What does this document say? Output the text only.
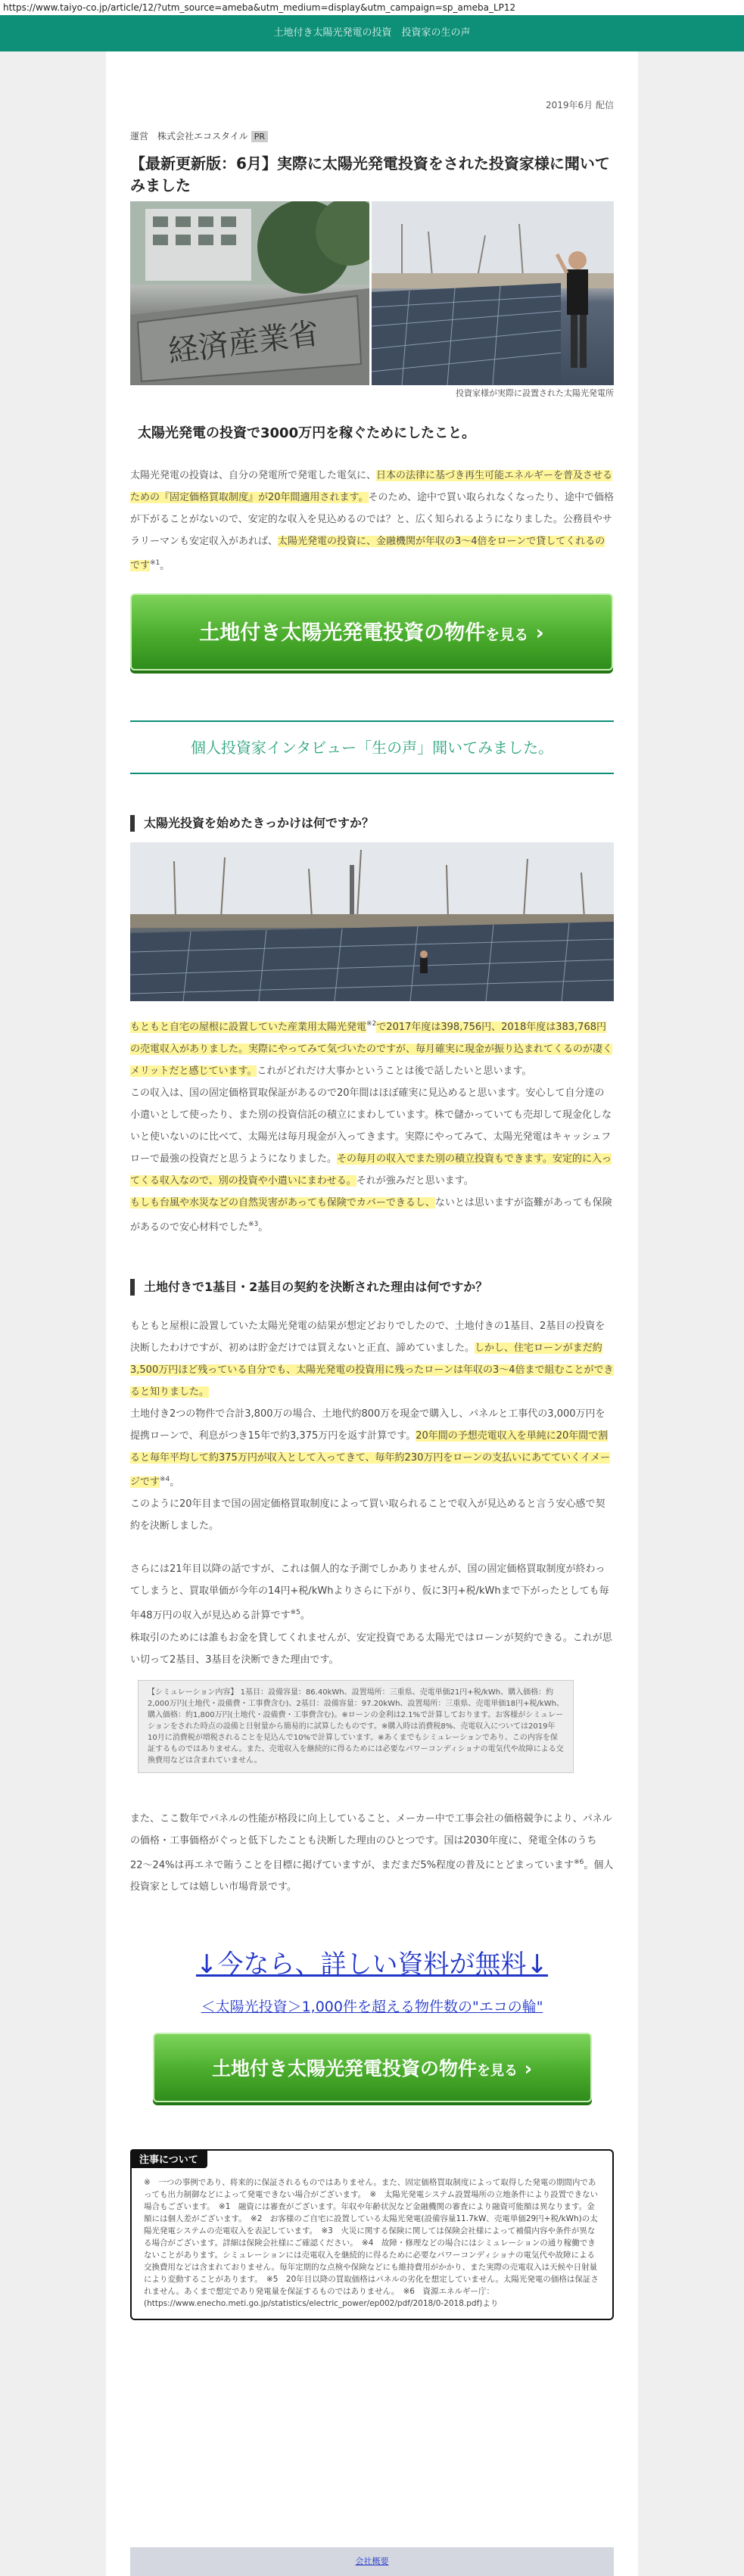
https://www.taiyo-co.jp/article/12/?utm_source=ameba&utm_medium=display&utm_campaign=sp_ameba_LP12
土地付き太陽光発電の投資　投資家の生の声
2019年6月 配信
運営　株式会社エコスタイル PR
【最新更新版：6月】実際に太陽光発電投資をされた投資家様に聞いてみました
経済産業省
投資家様が実際に設置された太陽光発電所
太陽光発電の投資で3000万円を稼ぐためにしたこと。

太陽光発電の投資は、自分の発電所で発電した電気に、日本の法律に基づき再生可能エネルギーを普及させるための『固定価格買取制度』が20年間適用されます。そのため、途中で買い取られなくなったり、途中で価格が下がることがないので、安定的な収入を見込めるのでは？と、広く知られるようになりました。公務員やサラリーマンも安定収入があれば、太陽光発電の投資に、金融機関が年収の3〜4倍をローンで貸してくれるのです$^{※1}$。

土地付き太陽光発電投資の物件を見る ›
個人投資家インタビュー「生の声」聞いてみました。
太陽光投資を始めたきっかけは何ですか？

もともと自宅の屋根に設置していた産業用太陽光発電$^{※2}$で2017年度は398,756円、2018年度は383,768円の売電収入がありました。実際にやってみて気づいたのですが、毎月確実に現金が振り込まれてくるのが凄くメリットだと感じています。これがどれだけ大事かということは後で話したいと思います。

この収入は、国の固定価格買取保証があるので20年間はほぼ確実に見込めると思います。安心して自分達の小遣いとして使ったり、また別の投資信託の積立にまわしています。株で儲かっていても売却して現金化しないと使いないのに比べて、太陽光は毎月現金が入ってきます。実際にやってみて、太陽光発電はキャッシュフローで最強の投資だと思うようになりました。その毎月の収入でまた別の積立投資もできます。安定的に入ってくる収入なので、別の投資や小遣いにまわせる。それが強みだと思います。

もしも台風や水災などの自然災害があっても保険でカバーできるし、ないとは思いますが盗難があっても保険があるので安心材料でした$^{※3}$。

土地付きで1基目・2基目の契約を決断された理由は何ですか？

もともと屋根に設置していた太陽光発電の結果が想定どおりでしたので、土地付きの1基目、2基目の投資を決断したわけですが、初めは貯金だけでは買えないと正直、諦めていました。しかし、住宅ローンがまだ約3,500万円ほど残っている自分でも、太陽光発電の投資用に残ったローンは年収の3〜4倍まで組むことができると知りました。

土地付き2つの物件で合計3,800万の場合、土地代約800万を現金で購入し、パネルと工事代の3,000万円を提携ローンで、利息がつき15年で約3,375万円を返す計算です。20年間の予想売電収入を単純に20年間で割ると毎年平均して約375万円が収入として入ってきて、毎年約230万円をローンの支払いにあてていくイメージです$^{※4}$。

このように20年目まで国の固定価格買取制度によって買い取られることで収入が見込めると言う安心感で契約を決断しました。

さらには21年目以降の話ですが、これは個人的な予測でしかありませんが、国の固定価格買取制度が終わってしまうと、買取単価が今年の14円+税/kWhよりさらに下がり、仮に3円+税/kWhまで下がったとしても毎年48万円の収入が見込める計算です$^{※5}$。

株取引のためには誰もお金を貸してくれませんが、安定投資である太陽光ではローンが契約できる。これが思い切って2基目、3基目を決断できた理由です。

【シミュレーション内容】 1基目：設備容量：86.40kWh、設置場所：三重県、売電単価21円+税/kWh、購入価格：約2,000万円(土地代・設備費・工事費含む)、2基目：設備容量：97.20kWh、設置場所：三重県、売電単価18円+税/kWh、購入価格：約1,800万円(土地代・設備費・工事費含む)。※ローンの金利は2.1%で計算しております。お客様がシミュレーションをされた時点の設備と日射量から簡易的に試算したものです。※購入時は消費税8%、売電収入については2019年10月に消費税が増税されることを見込んで10%で計算しています。※あくまでもシミュレーションであり、この内容を保証するものではありません。また、売電収入を継続的に得るためには必要なパワーコンディショナの電気代や故障による交換費用などは含まれていません。

また、ここ数年でパネルの性能が格段に向上していること、メーカー中で工事会社の価格競争により、パネルの価格・工事価格がぐっと低下したことも決断した理由のひとつです。国は2030年度に、発電全体のうち22〜24%は再エネで賄うことを目標に掲げていますが、まだまだ5%程度の普及にとどまっています$^{※6}$。個人投資家としては嬉しい市場背景です。

↓今なら、詳しい資料が無料↓
＜太陽光投資＞1,000件を超える物件数の"エコの輪"
土地付き太陽光発電投資の物件を見る ›
注事について

※　一つの事例であり、将来的に保証されるものではありません。また、固定価格買取制度によって取得した発電の期間内であっても出力制御などによって発電できない場合がございます。　※　太陽光発電システム設置場所の立地条件により設置できない場合もございます。　※1　融資には審査がございます。年収や年齢状況など金融機関の審査により融資可能額は異なります。金額には個人差がございます。　※2　お客様のご自宅に設置している太陽光発電(設備容量11.7kW、売電単価29円+税/kWh)の太陽光発電システムの売電収入を表記しています。　※3　火災に関する保険に関しては保険会社様によって補償内容や条件が異なる場合がございます。詳細は保険会社様にご確認ください。　※4　故障・修理などの場合にはシミュレーションの通り稼働できないことがあります。シミュレーションには売電収入を継続的に得るために必要なパワーコンディショナの電気代や故障による交換費用などは含まれておりません。毎年定期的な点検や保険などにも維持費用がかかり、また実際の売電収入は天候や日射量により変動することがあります。　※5　20年目以降の買取価格はパネルの劣化を想定していません。太陽光発電の価格は保証されません。あくまで想定であり発電量を保証するものではありません。　※6　資源エネルギー庁：(https://www.enecho.meti.go.jp/statistics/electric_power/ep002/pdf/2018/0-2018.pdf)より

会社概要
